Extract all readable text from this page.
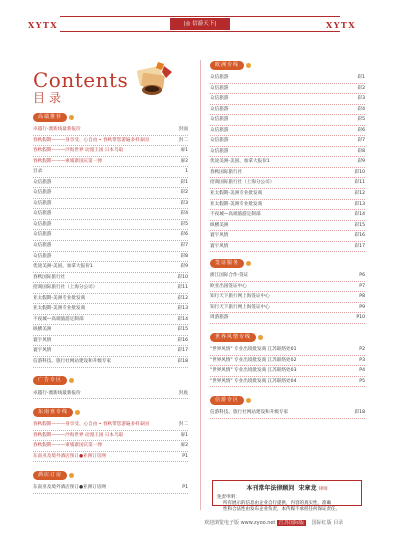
XYTX	XYTX
|◎ 信游天下|
Contents
目录
高端推荐
卓越行-澳新线最新报价	封面
春秋假期———身享受、心自由 • 春秋带您游遍多样泰国	封二
春秋假期———沙海世界 动漫王国 日本乌取	扉1
春秋假期———柬埔寨国庆第一弹	扉2
目录	1
众信旅游	彩1
众信旅游	彩2
众信旅游	彩3
众信旅游	彩4
众信旅游	彩5
众信旅游	彩6
众信旅游	彩7
众信旅游	彩8
优途美洲-美国、加拿大报价1	彩9
春秋国际旅行社	彩10
招商国际旅行社（上海分公司）	彩11
亚太假期-美洲专业批发商	彩12
亚太假期-美洲专业批发商	彩13
不夜城—高端旅游定制部	彩14
纵横美洲	彩15
寰宇风情	彩16
寰宇风情	彩17
信游科技。旅行社网站建设和升级专家	彩18
广告专区
卓越行-澳新线最新报价	封底
东南亚专线
春秋假期———身享受、心自由 • 春秋带您游遍多样泰国	封二
春秋假期———沙海世界 动漫王国 日本乌取	扉1
春秋假期———柬埔寨国庆第一弹	扉2
东南亚及境外酒店预订●亚洲订房网	P1
酒店订房
东南亚及境外酒店预订●亚洲订房网	P1
欧洲专线
众信旅游	彩1
众信旅游	彩2
众信旅游	彩3
众信旅游	彩4
众信旅游	彩5
众信旅游	彩6
众信旅游	彩7
众信旅游	彩8
优途美洲-美国、加拿大报价1	彩9
春秋国际旅行社	彩10
招商国际旅行社（上海分公司）	彩11
亚太假期-美洲专业批发商	彩12
亚太假期-美洲专业批发商	彩13
不夜城—高端旅游定制部	彩14
纵横美洲	彩15
寰宇风情	彩16
寰宇风情	彩17
签证服务
浙江国际合作-签证	P6
欧亚出国签证中心	P7
知行天下旅行网上海签证中心	P8
知行天下旅行网上海签证中心	P9
周游旅游	P10
世界风情专线
"世界风情" 专业出境批发商 江苏联络处01	P2
"世界风情" 专业出境批发商 江苏联络处02	P3
"世界风情" 专业出境批发商 江苏联络处03	P4
"世界风情" 专业出境批发商 江苏联络处04	P5
信游专区
信游科技。旅行社网站建设和升级专家	彩18
本刊常年法律顾问 宋章龙 律师
免责申明：
所有展示的信息由企业自行提供，内容的真实性、准确
性和合法性由发布企业负责，本传媒不承担任何保证责任。
欢迎浏览电子版 www.zyoo.net 江苏国际版 国际红版 目录
